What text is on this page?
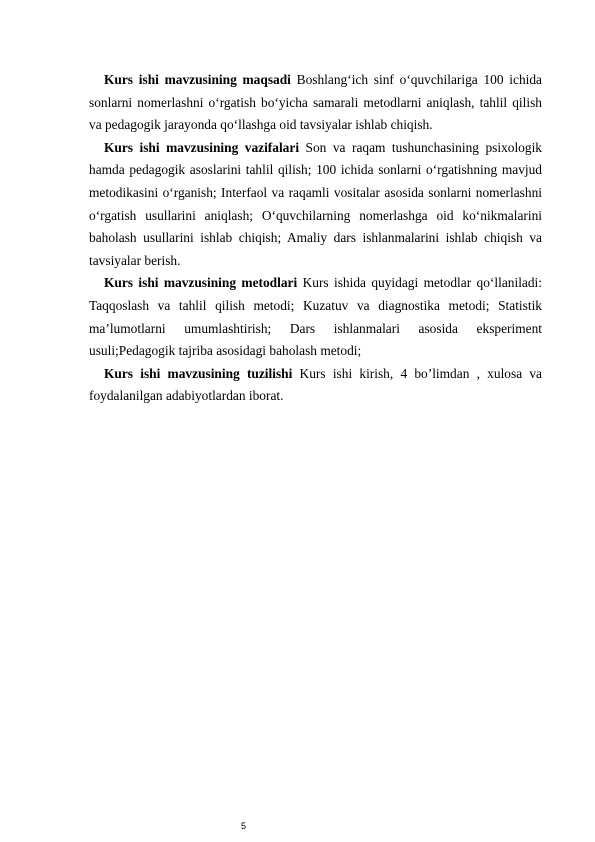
Kurs ishi mavzusining maqsadi Boshlang‘ich sinf o‘quvchilariga 100 ichida sonlarni nomerlashni o‘rgatish bo‘yicha samarali metodlarni aniqlash, tahlil qilish va pedagogik jarayonda qo‘llashga oid tavsiyalar ishlab chiqish.

Kurs ishi mavzusining vazifalari Son va raqam tushunchasining psixologik hamda pedagogik asoslarini tahlil qilish; 100 ichida sonlarni o‘rgatishning mavjud metodikasini o‘rganish; Interfaol va raqamli vositalar asosida sonlarni nomerlashni o‘rgatish usullarini aniqlash; O‘quvchilarning nomerlashga oid ko‘nikmalarini baholash usullarini ishlab chiqish; Amaliy dars ishlanmalarini ishlab chiqish va tavsiyalar berish.

Kurs ishi mavzusining metodlari Kurs ishida quyidagi metodlar qo‘llaniladi: Taqqoslash va tahlil qilish metodi; Kuzatuv va diagnostika metodi; Statistik ma’lumotlarni umumlashtirish; Dars ishlanmalari asosida eksperiment usuli;Pedagogik tajriba asosidagi baholash metodi;

Kurs ishi mavzusining tuzilishi Kurs ishi kirish, 4 bo’limdan , xulosa va foydalanilgan adabiyotlardan iborat.

5
